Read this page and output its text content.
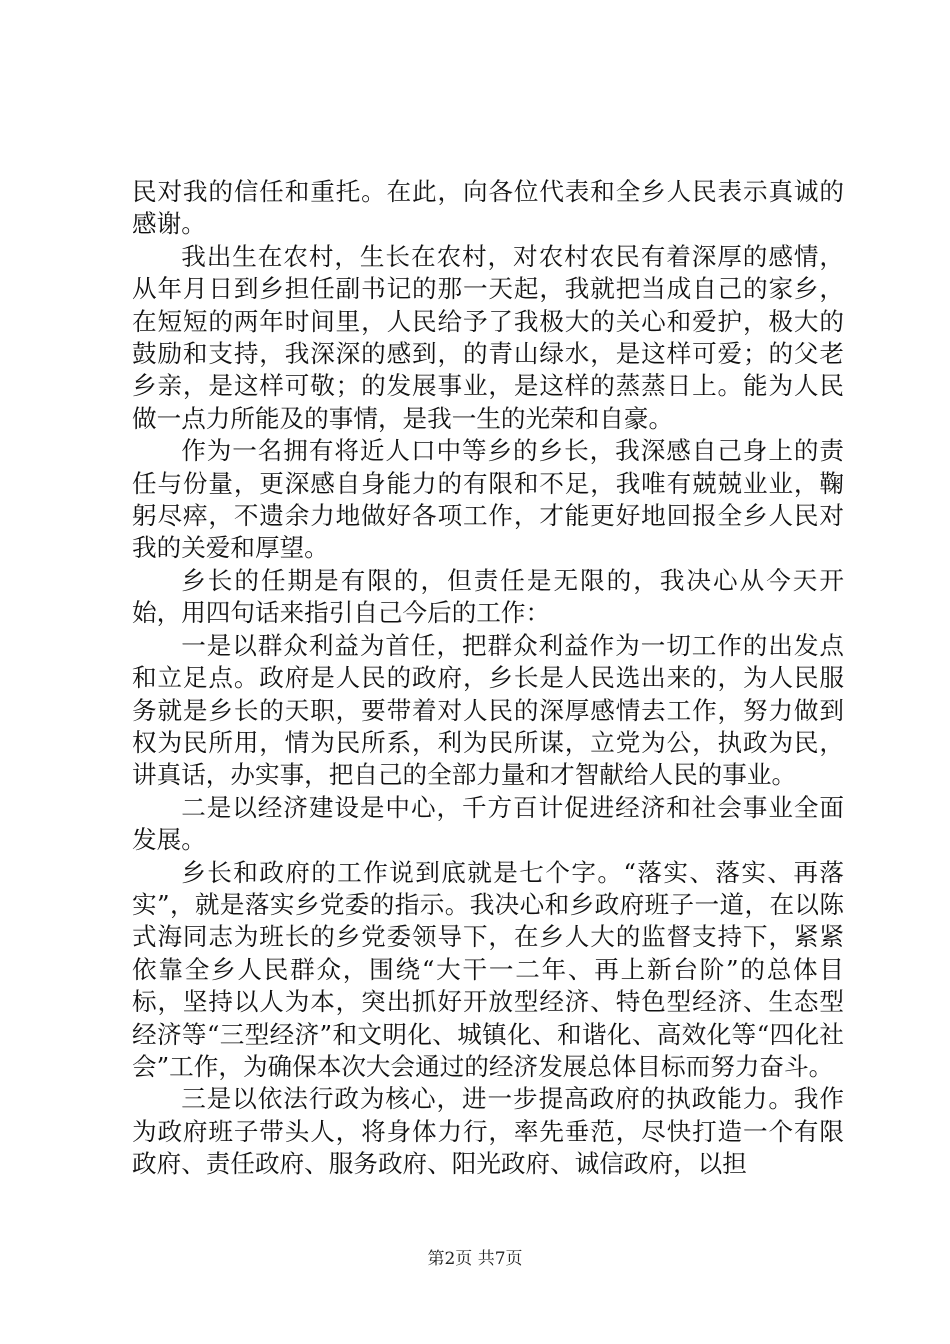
民对我的信任和重托。在此，向各位代表和全乡人民表示真诚的感谢。

我出生在农村，生长在农村，对农村农民有着深厚的感情，从年月日到乡担任副书记的那一天起，我就把当成自己的家乡，在短短的两年时间里，人民给予了我极大的关心和爱护，极大的鼓励和支持，我深深的感到，的青山绿水，是这样可爱；的父老乡亲，是这样可敬；的发展事业，是这样的蒸蒸日上。能为人民做一点力所能及的事情，是我一生的光荣和自豪。

作为一名拥有将近人口中等乡的乡长，我深感自己身上的责任与份量，更深感自身能力的有限和不足，我唯有兢兢业业，鞠躬尽瘁，不遗余力地做好各项工作，才能更好地回报全乡人民对我的关爱和厚望。

乡长的任期是有限的，但责任是无限的，我决心从今天开始，用四句话来指引自己今后的工作：

一是以群众利益为首任，把群众利益作为一切工作的出发点和立足点。政府是人民的政府，乡长是人民选出来的，为人民服务就是乡长的天职，要带着对人民的深厚感情去工作，努力做到权为民所用，情为民所系，利为民所谋，立党为公，执政为民，讲真话，办实事，把自己的全部力量和才智献给人民的事业。

二是以经济建设是中心，千方百计促进经济和社会事业全面发展。

乡长和政府的工作说到底就是七个字。“落实、落实、再落实”，就是落实乡党委的指示。我决心和乡政府班子一道，在以陈式海同志为班长的乡党委领导下，在乡人大的监督支持下，紧紧依靠全乡人民群众，围绕“大干一二年、再上新台阶”的总体目标，坚持以人为本，突出抓好开放型经济、特色型经济、生态型经济等“三型经济”和文明化、城镇化、和谐化、高效化等“四化社会”工作，为确保本次大会通过的经济发展总体目标而努力奋斗。

三是以依法行政为核心，进一步提高政府的执政能力。我作为政府班子带头人，将身体力行，率先垂范，尽快打造一个有限政府、责任政府、服务政府、阳光政府、诚信政府，以担

第2页 共7页
